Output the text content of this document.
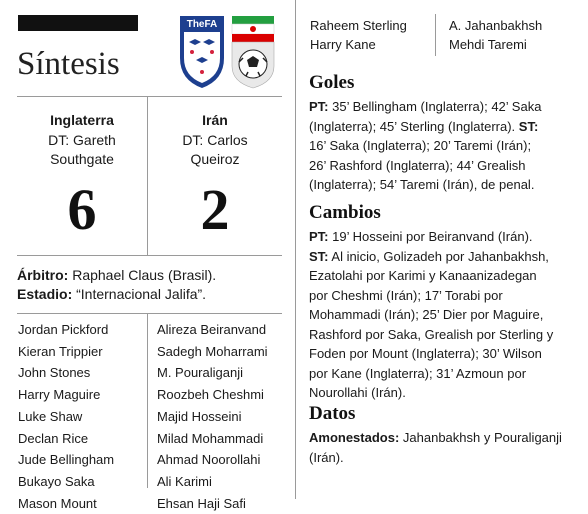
Síntesis
TheFA
Inglaterra
DT: Gareth
Southgate
Irán
DT: Carlos
Queiroz
6	2
Árbitro: Raphael Claus (Brasil).
Estadio: “Internacional Jalifa”.
Jordan Pickford
Kieran Trippier
John Stones
Harry Maguire
Luke Shaw
Declan Rice
Jude Bellingham
Bukayo Saka
Mason Mount
Alireza Beiranvand
Sadegh Moharrami
M. Pouraliganji
Roozbeh Cheshmi
Majid Hosseini
Milad Mohammadi
Ahmad Noorollahi
Ali Karimi
Ehsan Haji Safi
Raheem Sterling
Harry Kane
A. Jahanbakhsh
Mehdi Taremi
Goles
PT: 35’ Bellingham (Inglaterra); 42’ Saka
(Inglaterra); 45’ Sterling (Inglaterra). ST:
16’ Saka (Inglaterra); 20’ Taremi (Irán);
26’ Rashford (Inglaterra); 44’ Grealish
(Inglaterra); 54’ Taremi (Irán), de penal.
Cambios
PT: 19’ Hosseini por Beiranvand (Irán).
ST: Al inicio, Golizadeh por Jahanbakhsh,
Ezatolahi por Karimi y Kanaanizadegan
por Cheshmi (Irán); 17’ Torabi por
Mohammadi (Irán); 25’ Dier por Maguire,
Rashford por Saka, Grealish por Sterling y
Foden por Mount (Inglaterra); 30’ Wilson
por Kane (Inglaterra); 31’ Azmoun por
Nourollahi (Irán).
Datos
Amonestados: Jahanbakhsh y Pouraliganji
(Irán).
